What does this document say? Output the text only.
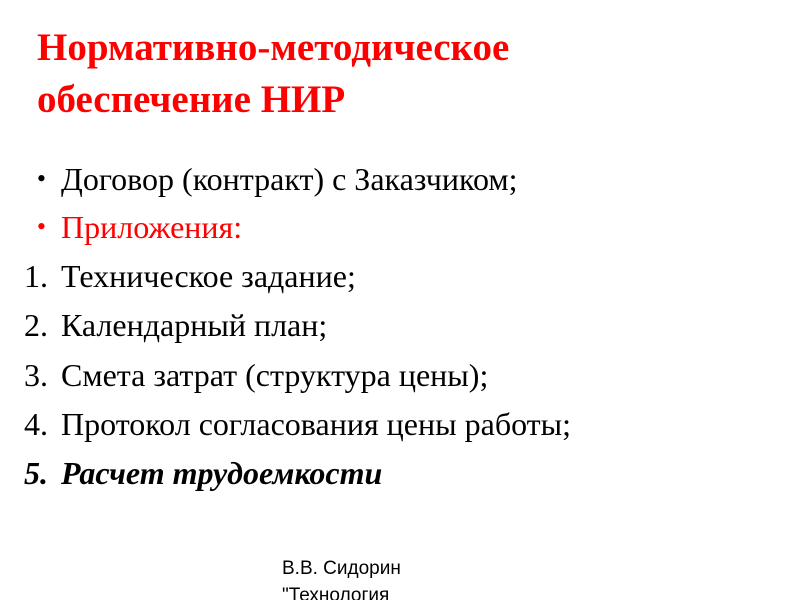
Нормативно-методическое
обеспечение НИР
• Договор (контракт) с Заказчиком;
• Приложения:
1. Техническое задание;
2. Календарный план;
3. Смета затрат (структура цены);
4. Протокол согласования цены работы;
5. Расчет трудоемкости
В.В. Сидорин
"Технология
